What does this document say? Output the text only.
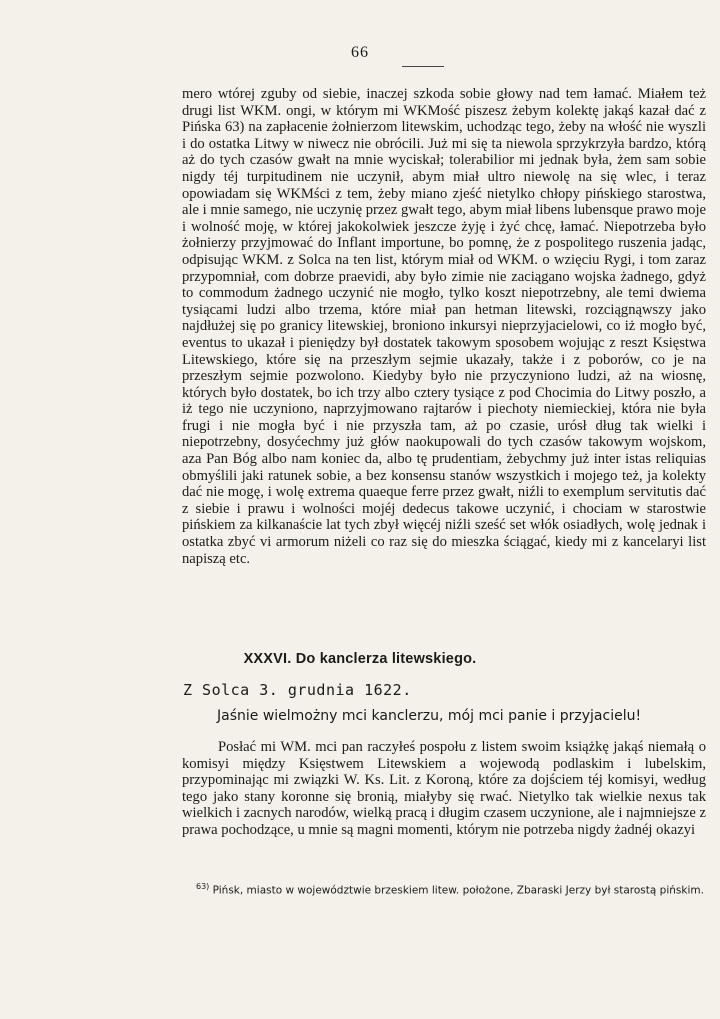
66

mero wtórej zguby od siebie, inaczej szkoda sobie głowy nad tem łamać. Miałem też drugi list WKM. ongi, w którym mi WKMość piszesz żebym kolektę jakąś kazał dać z Pińska 63) na zapłacenie żołnierzom litewskim, uchodząc tego, żeby na włość nie wyszli i do ostatka Litwy w niwecz nie obrócili. Już mi się ta niewola sprzykrzyła bardzo, którą aż do tych czasów gwałt na mnie wyciskał; tolerabilior mi jednak była, żem sam sobie nigdy téj turpitudinem nie uczynił, abym miał ultro niewolę na się wlec, i teraz opowiadam się WKMści z tem, żeby miano zjeść nietylko chłopy pińskiego starostwa, ale i mnie samego, nie uczynię przez gwałt tego, abym miał libens lubensque prawo moje i wolność moję, w której jakokolwiek jeszcze żyję i żyć chcę, łamać. Niepotrzeba było żołnierzy przyjmować do Inflant importune, bo pomnę, że z pospolitego ruszenia jadąc, odpisując WKM. z Solca na ten list, którym miał od WKM. o wzięciu Rygi, i tom zaraz przypomniał, com dobrze praevidi, aby było zimie nie zaciągano wojska żadnego, gdyż to commodum żadnego uczynić nie mogło, tylko koszt niepotrzebny, ale temi dwiema tysiącami ludzi albo trzema, które miał pan hetman litewski, rozciągnąwszy jako najdłużej się po granicy litewskiej, broniono inkursyi nieprzyjacielowi, co iż mogło być, eventus to ukazał i pieniędzy był dostatek takowym sposobem wojując z reszt Księstwa Litewskiego, które się na przeszłym sejmie ukazały, także i z poborów, co je na przeszłym sejmie pozwolono. Kiedyby było nie przyczyniono ludzi, aż na wiosnę, których było dostatek, bo ich trzy albo cztery tysiące z pod Chocimia do Litwy poszło, a iż tego nie uczyniono, naprzyjmowano rajtarów i piechoty niemieckiej, która nie była frugi i nie mogła być i nie przyszła tam, aż po czasie, urósł dług tak wielki i niepotrzebny, dosyćechmy już głów naokupowali do tych czasów takowym wojskom, aza Pan Bóg albo nam koniec da, albo tę prudentiam, żebychmy już inter istas reliquias obmyślili jaki ratunek sobie, a bez konsensu stanów wszystkich i mojego też, ja kolekty dać nie mogę, i wolę extrema quaeque ferre przez gwałt, niźli to exemplum servitutis dać z siebie i prawu i wolności mojéj dedecus takowe uczynić, i chociam w starostwie pińskiem za kilkanaście lat tych zbył więcéj niźli sześć set włók osiadłych, wolę jednak i ostatka zbyć vi armorum niżeli co raz się do mieszka ściągać, kiedy mi z kancelaryi list napiszą etc.

XXXVI. Do kanclerza litewskiego.
Z Solca 3. grudnia 1622.
Jaśnie wielmożny mci kanclerzu, mój mci panie i przyjacielu!

Posłać mi WM. mci pan raczyłeś pospołu z listem swoim książkę jakąś niemałą o komisyi między Księstwem Litewskiem a wojewodą podlaskim i lubelskim, przypominając mi związki W. Ks. Lit. z Koroną, które za dojściem téj komisyi, według tego jako stany koronne się bronią, miałyby się rwać. Nietylko tak wielkie nexus tak wielkich i zacnych narodów, wielką pracą i długim czasem uczynione, ale i najmniejsze z prawa pochodzące, u mnie są magni momenti, którym nie potrzeba nigdy żadnéj okazyi

$^{63)}$ Pińsk, miasto w województwie brzeskiem litew. położone, Zbaraski Jerzy był starostą pińskim.
